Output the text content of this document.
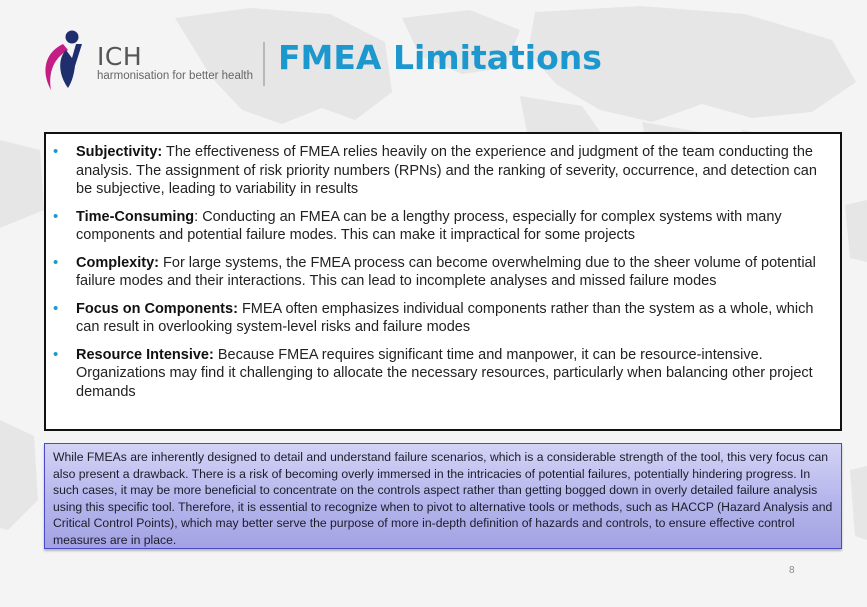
ICH
harmonisation for better health FMEA Limitations
• Subjectivity: The effectiveness of FMEA relies heavily on the experience and judgment of the team conducting the analysis. The assignment of risk priority numbers (RPNs) and the ranking of severity, occurrence, and detection can be subjective, leading to variability in results
• Time-Consuming: Conducting an FMEA can be a lengthy process, especially for complex systems with many components and potential failure modes. This can make it impractical for some projects
• Complexity: For large systems, the FMEA process can become overwhelming due to the sheer volume of potential failure modes and their interactions. This can lead to incomplete analyses and missed failure modes
• Focus on Components: FMEA often emphasizes individual components rather than the system as a whole, which can result in overlooking system-level risks and failure modes
• Resource Intensive: Because FMEA requires significant time and manpower, it can be resource-intensive. Organizations may find it challenging to allocate the necessary resources, particularly when balancing other project demands
While FMEAs are inherently designed to detail and understand failure scenarios, which is a considerable strength of the tool, this very focus can also present a drawback. There is a risk of becoming overly immersed in the intricacies of potential failures, potentially hindering progress. In such cases, it may be more beneficial to concentrate on the controls aspect rather than getting bogged down in overly detailed failure analysis using this specific tool. Therefore, it is essential to recognize when to pivot to alternative tools or methods, such as HACCP (Hazard Analysis and Critical Control Points), which may better serve the purpose of more in-depth definition of hazards and controls, to ensure effective control measures are in place.
8
